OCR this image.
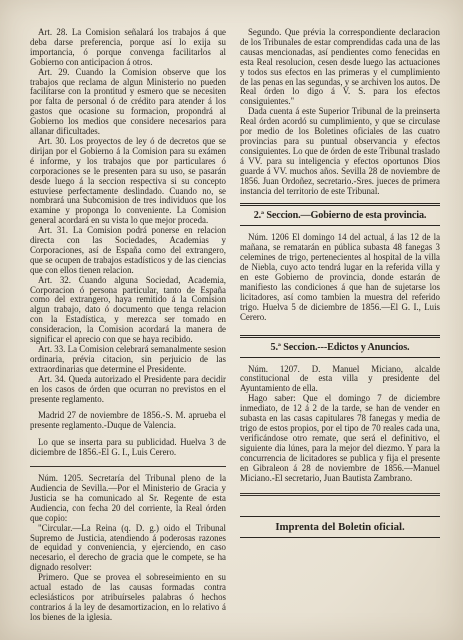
Art. 28. La Comision señalará los trabajos á que deba darse preferencia, porque así lo exija su importancia, ó porque convenga facilitarlos al Gobierno con anticipacion á otros.

Art. 29. Cuando la Comision observe que los trabajos que reclama de algun Ministerio no pueden facilitarse con la prontitud y esmero que se necesiten por falta de personal ó de crédito para atender á los gastos que ocasione su formacion, propondrá al Gobierno los medios que considere necesarios para allanar dificultades.

Art. 30. Los proyectos de ley ó de decretos que se dirijan por el Gobierno á la Comision para su exámen é informe, y los trabajos que por particulares ó corporaciones se le presenten para su uso, se pasarán desde luego á la seccion respectiva si su concepto estuviese perfectamente deslindado. Cuando no, se nombrará una Subcomision de tres individuos que los examine y proponga lo conveniente. La Comision general acordará en su vista lo que mejor proceda.

Art. 31. La Comision podrá ponerse en relacion directa con las Sociedades, Academias y Corporaciones, así de España como del extrangero, que se ocupen de trabajos estadísticos y de las ciencias que con ellos tienen relacion.

Art. 32. Cuando alguna Sociedad, Academia, Corporacion ó persona particular, tanto de España como del extrangero, haya remitido á la Comision algun trabajo, dato ó documento que tenga relacion con la Estadística, y merezca ser tomado en consideracion, la Comision acordará la manera de significar el aprecio con que se haya recibido.

Art. 33. La Comision celebrará semanalmente sesion ordinaria, prévia citacion, sin perjuicio de las extraordinarias que determine el Presidente.

Art. 34. Queda autorizado el Presidente para decidir en los casos de órden que ocurran no previstos en el presente reglamento.

Madrid 27 de noviembre de 1856.-S. M. aprueba el presente reglamento.-Duque de Valencia.

Lo que se inserta para su publicidad. Huelva 3 de diciembre de 1856.-El G. I., Luis Cerero.

Núm. 1205. Secretaría del Tribunal pleno de la Audiencia de Sevilla.—Por el Ministerio de Gracia y Justicia se ha comunicado al Sr. Regente de esta Audiencia, con fecha 20 del corriente, la Real órden que copio:

"Circular.—La Reina (q. D. g.) oido el Tribunal Supremo de Justicia, atendiendo á poderosas razones de equidad y conveniencia, y ejerciendo, en caso necesario, el derecho de gracia que le compete, se ha dignado resolver:

Primero. Que se provea el sobreseimiento en su actual estado de las causas formadas contra eclesiásticos por atribuírseles palabras ó hechos contrarios á la ley de desamortizacion, en lo relativo á los bienes de la iglesia.

Segundo. Que prévia la correspondiente declaracion de los Tribunales de estar comprendidas cada una de las causas mencionadas, así pendientes como fenecidas en esta Real resolucion, cesen desde luego las actuaciones y todos sus efectos en las primeras y el cumplimiento de las penas en las segundas, y se archiven los autos. De Real órden lo digo á V. S. para los efectos consiguientes."

Dada cuenta á este Superior Tribunal de la preinserta Real órden acordó su cumplimiento, y que se circulase por medio de los Boletines oficiales de las cuatro provincias para su puntual observancia y efectos consiguientes. Lo que de órden de este Tribunal traslado á VV. para su inteligencia y efectos oportunos Dios guarde á VV. muchos años. Sevilla 28 de noviembre de 1856. Juan Ordoñez, secretario.-Sres. jueces de primera instancia del territorio de este Tribunal.

2.ª Seccion.—Gobierno de esta provincia.

Núm. 1206 El domingo 14 del actual, á las 12 de la mañana, se rematarán en pública subasta 48 fanegas 3 celemines de trigo, pertenecientes al hospital de la villa de Niebla, cuyo acto tendrá lugar en la referida villa y en este Gobierno de provincia, donde estarán de manifiesto las condiciones á que han de sujetarse los licitadores, así como tambien la muestra del referido trigo. Huelva 5 de diciembre de 1856.—El G. I., Luis Cerero.

5.ª Seccion.---Edictos y Anuncios.

Núm. 1207. D. Manuel Miciano, alcalde constitucional de esta villa y presidente del Ayuntamiento de ella.

Hago saber: Que el domingo 7 de diciembre inmediato, de 12 á 2 de la tarde, se han de vender en subasta en las casas capitulares 78 fanegas y media de trigo de estos propios, por el tipo de 70 reales cada una, verificándose otro remate, que será el definitivo, el siguiente dia lúnes, para la mejor del diezmo. Y para la concurrencia de licitadores se publica y fija el presente en Gibraleon á 28 de noviembre de 1856.—Manuel Miciano.-El secretario, Juan Bautista Zambrano.

Imprenta del Boletin oficial.
